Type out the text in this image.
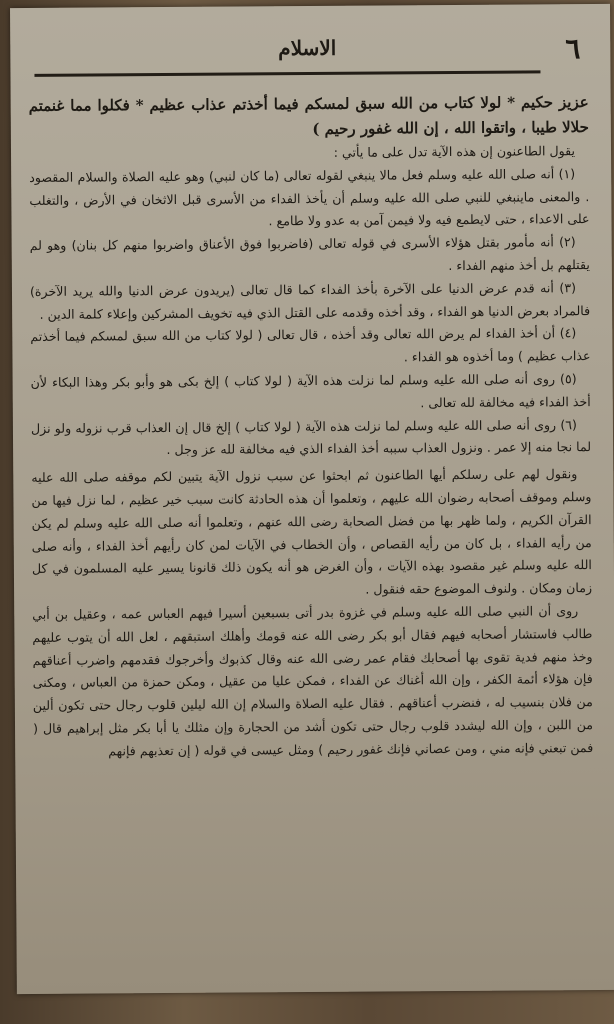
٦
الاسلام

عزيز حكيم * لولا كتاب من الله سبق لمسكم فيما أخذتم عذاب عظيم * فكلوا مما غنمتم حلالا طيبا ، واتقوا الله ، إن الله غفور رحيم )

يقول الطاعنون إن هذه الآية تدل على ما يأتي :

(١) أنه صلى الله عليه وسلم فعل مالا ينبغي لقوله تعالى (ما كان لنبي) وهو عليه الصلاة والسلام المقصود . والمعنى ماينبغي للنبي صلى الله عليه وسلم أن يأخذ الفداء من الأسرى قبل الاثخان في الأرض ، والتغلب على الاعداء ، حتى لايطمع فيه ولا فيمن آمن به عدو ولا طامع .

(٢) أنه مأمور بقتل هؤلاء الأسرى في قوله تعالى (فاضربوا فوق الأعناق واضربوا منهم كل بنان) وهو لم يقتلهم بل أخذ منهم الفداء .

(٣) أنه قدم عرض الدنيا على الآخرة بأخذ الفداء كما قال تعالى (يريدون عرض الدنيا والله يريد الآخرة) فالمراد بعرض الدنيا هو الفداء ، وقد أخذه وقدمه على القتل الذي فيه تخويف المشركين وإعلاء كلمة الدين .

(٤) أن أخذ الفداء لم يرض الله تعالى وقد أخذه ، قال تعالى ( لولا كتاب من الله سبق لمسكم فيما أخذتم عذاب عظيم ) وما أخذوه هو الفداء .

(٥) روى أنه صلى الله عليه وسلم لما نزلت هذه الآية ( لولا كتاب ) إلخ بكى هو وأبو بكر وهذا البكاء لأن أخذ الفداء فيه مخالفة لله تعالى .

(٦) روى أنه صلى الله عليه وسلم لما نزلت هذه الآية ( لولا كتاب ) إلخ قال إن العذاب قرب نزوله ولو نزل لما نجا منه إلا عمر . ونزول العذاب سببه أخذ الفداء الذي فيه مخالفة لله عز وجل .

ونقول لهم على رسلكم أيها الطاعنون ثم ابحثوا عن سبب نزول الآية يتبين لكم موقفه صلى الله عليه وسلم وموقف أصحابه رضوان الله عليهم ، وتعلموا أن هذه الحادثة كانت سبب خير عظيم ، لما نزل فيها من القرآن الكريم ، ولما ظهر بها من فضل الصحابة رضى الله عنهم ، وتعلموا أنه صلى الله عليه وسلم لم يكن من رأيه الفداء ، بل كان من رأيه القصاص ، وأن الخطاب في الآيات لمن كان رأيهم أخذ الفداء ، وأنه صلى الله عليه وسلم غير مقصود بهذه الآيات ، وأن الغرض هو أنه يكون ذلك قانونا يسير عليه المسلمون في كل زمان ومكان . ولنوف الموضوع حقه فنقول .

روى أن النبي صلى الله عليه وسلم في غزوة بدر أتى بسبعين أسيرا فيهم العباس عمه ، وعقيل بن أبي طالب فاستشار أصحابه فيهم فقال أبو بكر رضى الله عنه قومك وأهلك استبقهم ، لعل الله أن يتوب عليهم وخذ منهم فدية تقوى بها أصحابك فقام عمر رضى الله عنه وقال كذبوك وأخرجوك فقدمهم واضرب أعناقهم فإن هؤلاء أئمة الكفر ، وإن الله أغناك عن الفداء ، فمكن عليا من عقيل ، ومكن حمزة من العباس ، ومكنى من فلان بنسيب له ، فنضرب أعناقهم . فقال عليه الصلاة والسلام إن الله ليلين قلوب رجال حتى تكون ألين من اللبن ، وإن الله ليشدد قلوب رجال حتى تكون أشد من الحجارة وإن مثلك يا أبا بكر مثل إبراهيم قال ( فمن تبعني فإنه مني ، ومن عصاني فإنك غفور رحيم ) ومثل عيسى في قوله ( إن تعذبهم فإنهم
